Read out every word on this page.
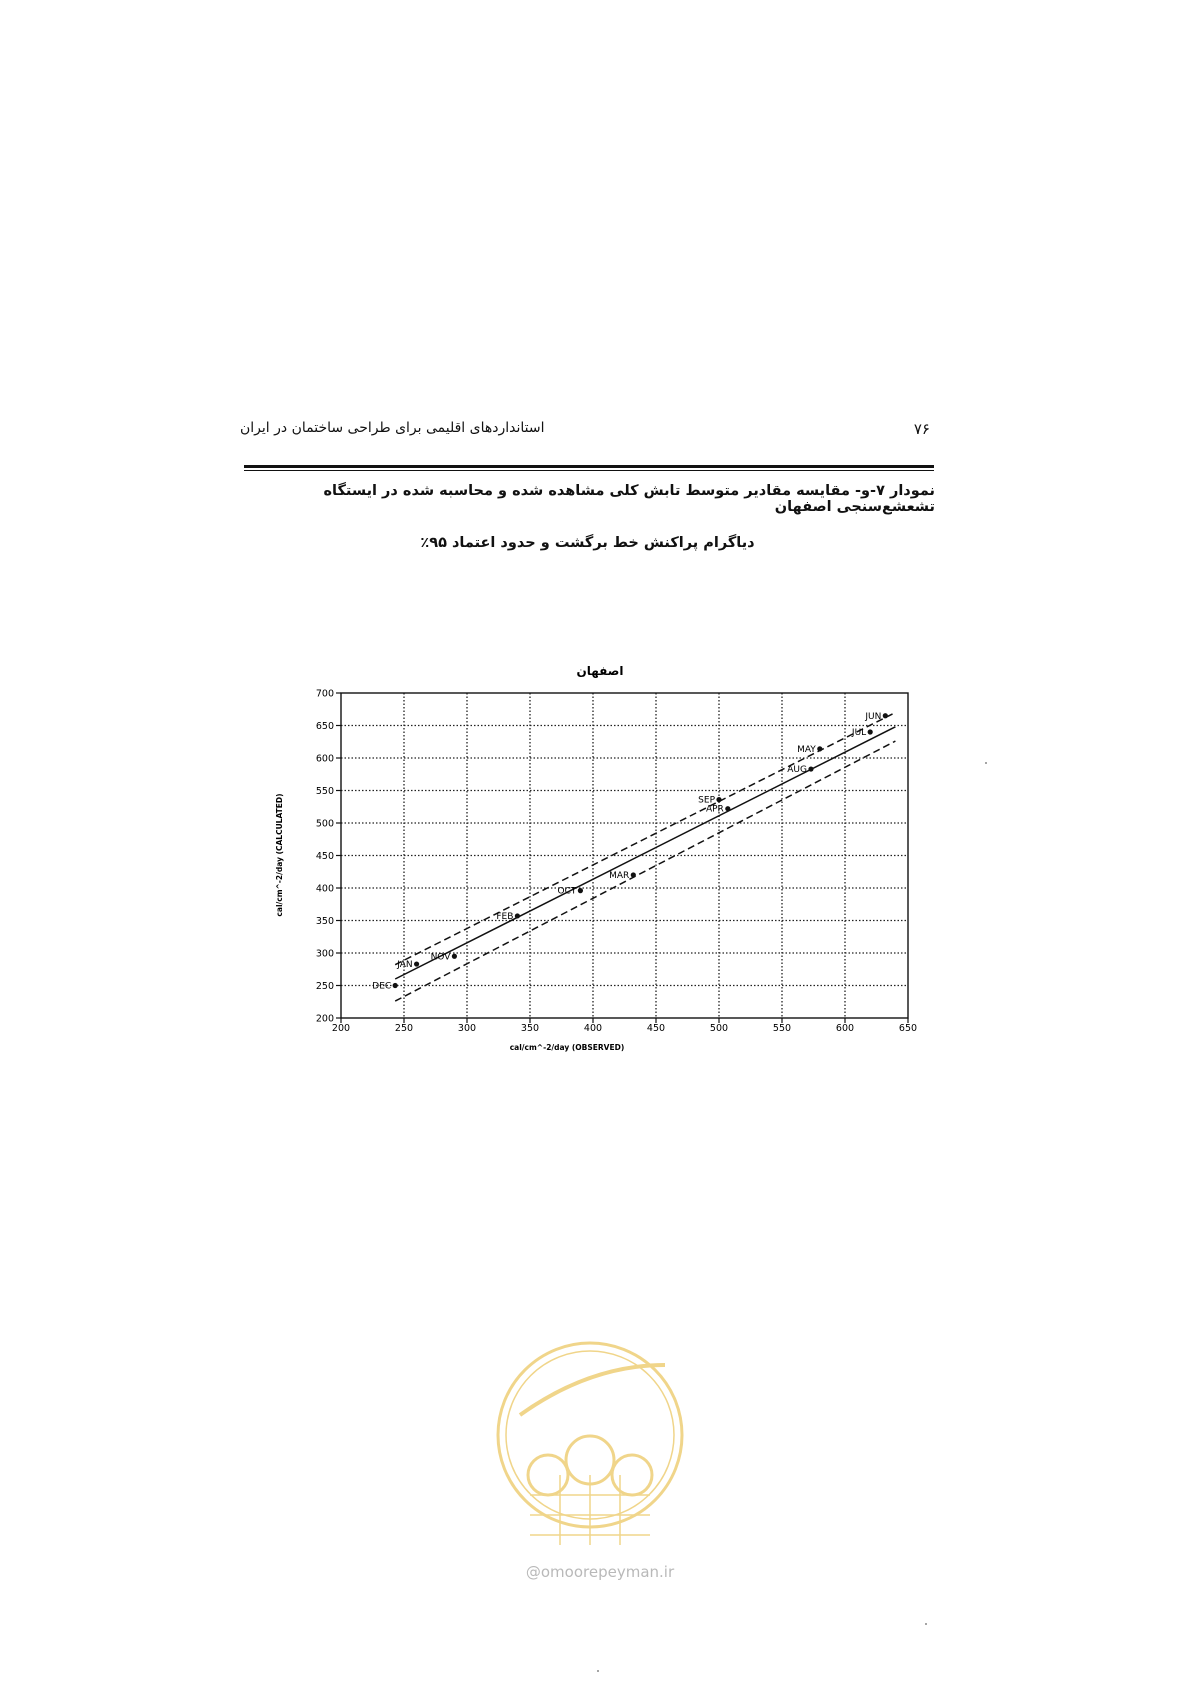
۷۶
استانداردهای اقلیمی برای طراحی ساختمان در ایران
نمودار ۷-و- مقایسه مقادیر متوسط تابش کلی مشاهده شده و محاسبه شده در ایستگاه تشعشع‌سنجی اصفهان
دیاگرام پراکنش خط برگشت و حدود اعتماد ۹۵٪
اصفهان
200	250	300	350	400	450	500	550	600	650
200
250
300
350
400
450
500
550
600
650
700
JAN
FEB
MAR
APR
MAY
JUN
JUL
AUG
SEP
OCT
NOV
DEC
cal/cm^-2/day (OBSERVED)
cal/cm^-2/day (CALCULATED)
@omoorepeyman.ir
